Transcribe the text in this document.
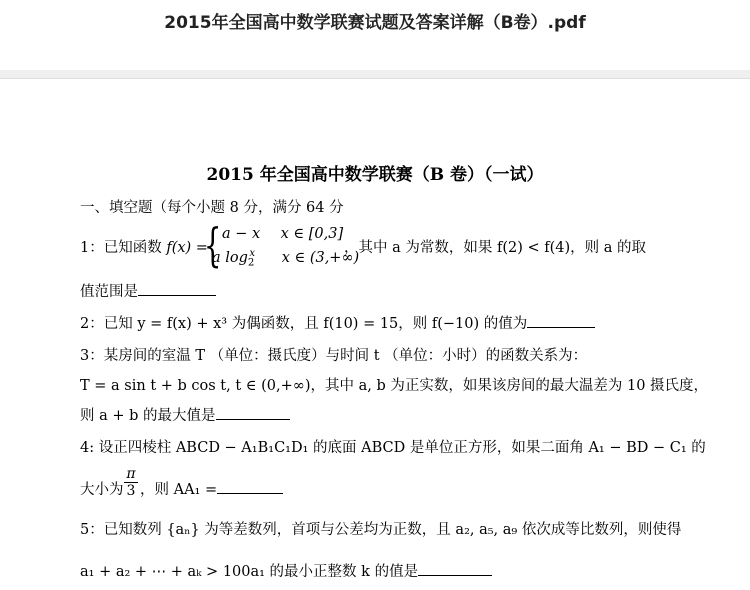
2015年全国高中数学联赛试题及答案详解（B卷）.pdf
2015 年全国高中数学联赛（B 卷）（一试）
一、填空题（每个小题 8 分，满分 64 分
1：已知函数 f(x) =
{ a − x x ∈ [0,3]
a $\log_2^x x$ ∈ (3,+∞)
，其中 a 为常数，如果 f(2) < f(4)，则 a 的取
值范围是
2：已知 y = f(x) + x³ 为偶函数，且 f(10) = 15，则 f(−10) 的值为
3：某房间的室温 T （单位：摄氏度）与时间 t （单位：小时）的函数关系为：
T = a sin t + b cos t, t ∈ (0,+∞)，其中 a, b 为正实数，如果该房间的最大温差为 10 摄氏度，
则 a + b 的最大值是
4: 设正四棱柱 ABCD − A₁B₁C₁D₁ 的底面 ABCD 是单位正方形，如果二面角 A₁ − BD − C₁ 的
大小为 $\frac{\pi}{3}$ ，则 AA₁ =
5：已知数列 {aₙ} 为等差数列，首项与公差均为正数，且 a₂, a₅, a₉ 依次成等比数列，则使得
a₁ + a₂ + ⋯ + aₖ > 100a₁ 的最小正整数 k 的值是
